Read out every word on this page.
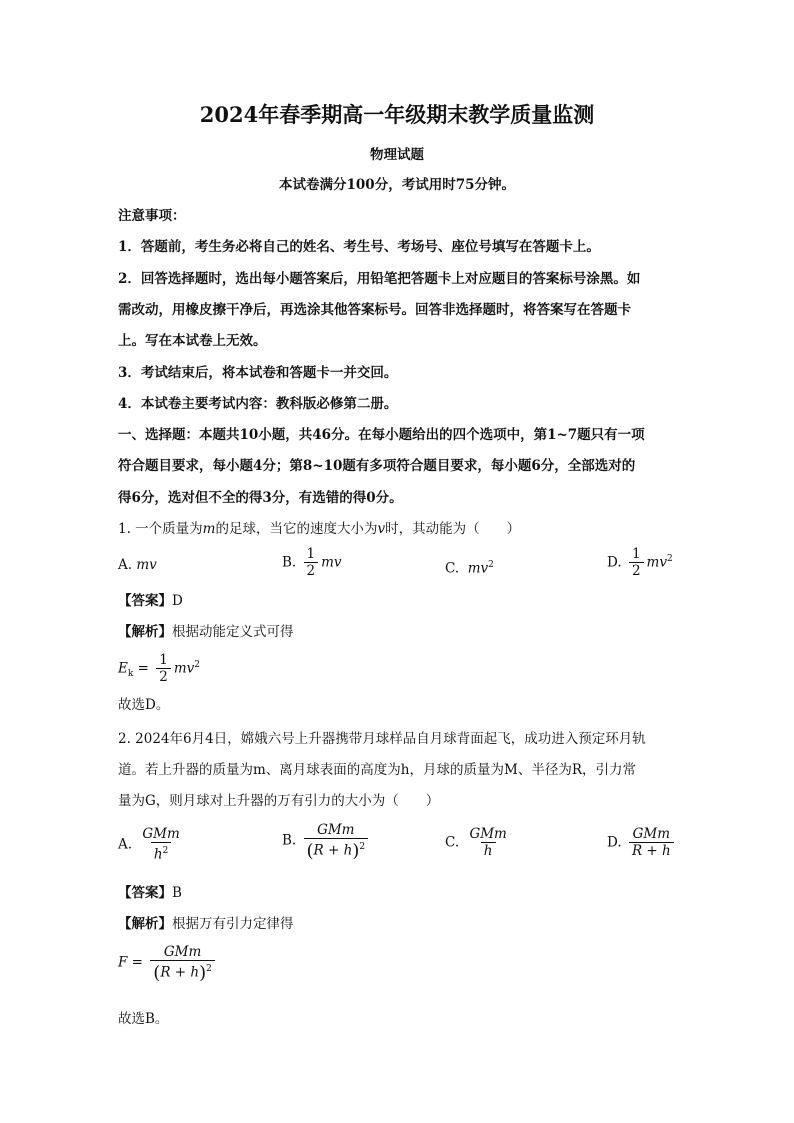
2024年春季期高一年级期末教学质量监测
物理试题
本试卷满分100分，考试用时75分钟。
注意事项：
1．答题前，考生务必将自己的姓名、考生号、考场号、座位号填写在答题卡上。
2．回答选择题时，选出每小题答案后，用铅笔把答题卡上对应题目的答案标号涂黑。如
需改动，用橡皮擦干净后，再选涂其他答案标号。回答非选择题时，将答案写在答题卡
上。写在本试卷上无效。
3．考试结束后，将本试卷和答题卡一并交回。
4．本试卷主要考试内容：教科版必修第二册。
一、选择题：本题共10小题，共46分。在每小题给出的四个选项中，第1~7题只有一项
符合题目要求，每小题4分；第8~10题有多项符合题目要求，每小题6分，全部选对的
得6分，选对但不全的得3分，有选错的得0分。
1. 一个质量为m的足球，当它的速度大小为v时，其动能为（　　）
A. mv	B. $\frac{1}{2}$ mv	C. $mv^2$	D. $\frac{1}{2} mv^2$
【答案】D
【解析】根据动能定义式可得
$E_k = \frac{1}{2} mv^2$
故选D。
2. 2024年6月4日，嫦娥六号上升器携带月球样品自月球背面起飞，成功进入预定环月轨
道。若上升器的质量为m、离月球表面的高度为h，月球的质量为M、半径为R，引力常
量为G，则月球对上升器的万有引力的大小为（　　）
A. $\frac{\text{GMm}}{h^2}$	B. $\frac{\text{GMm}}{(R + h)^2}$	C. $\frac{\text{GMm}}{h}$	D. $\frac{\text{GMm}}{R + h}$
【答案】B
【解析】根据万有引力定律得
$F = \frac{\text{GMm}}{(R + h)^2}$
故选B。
